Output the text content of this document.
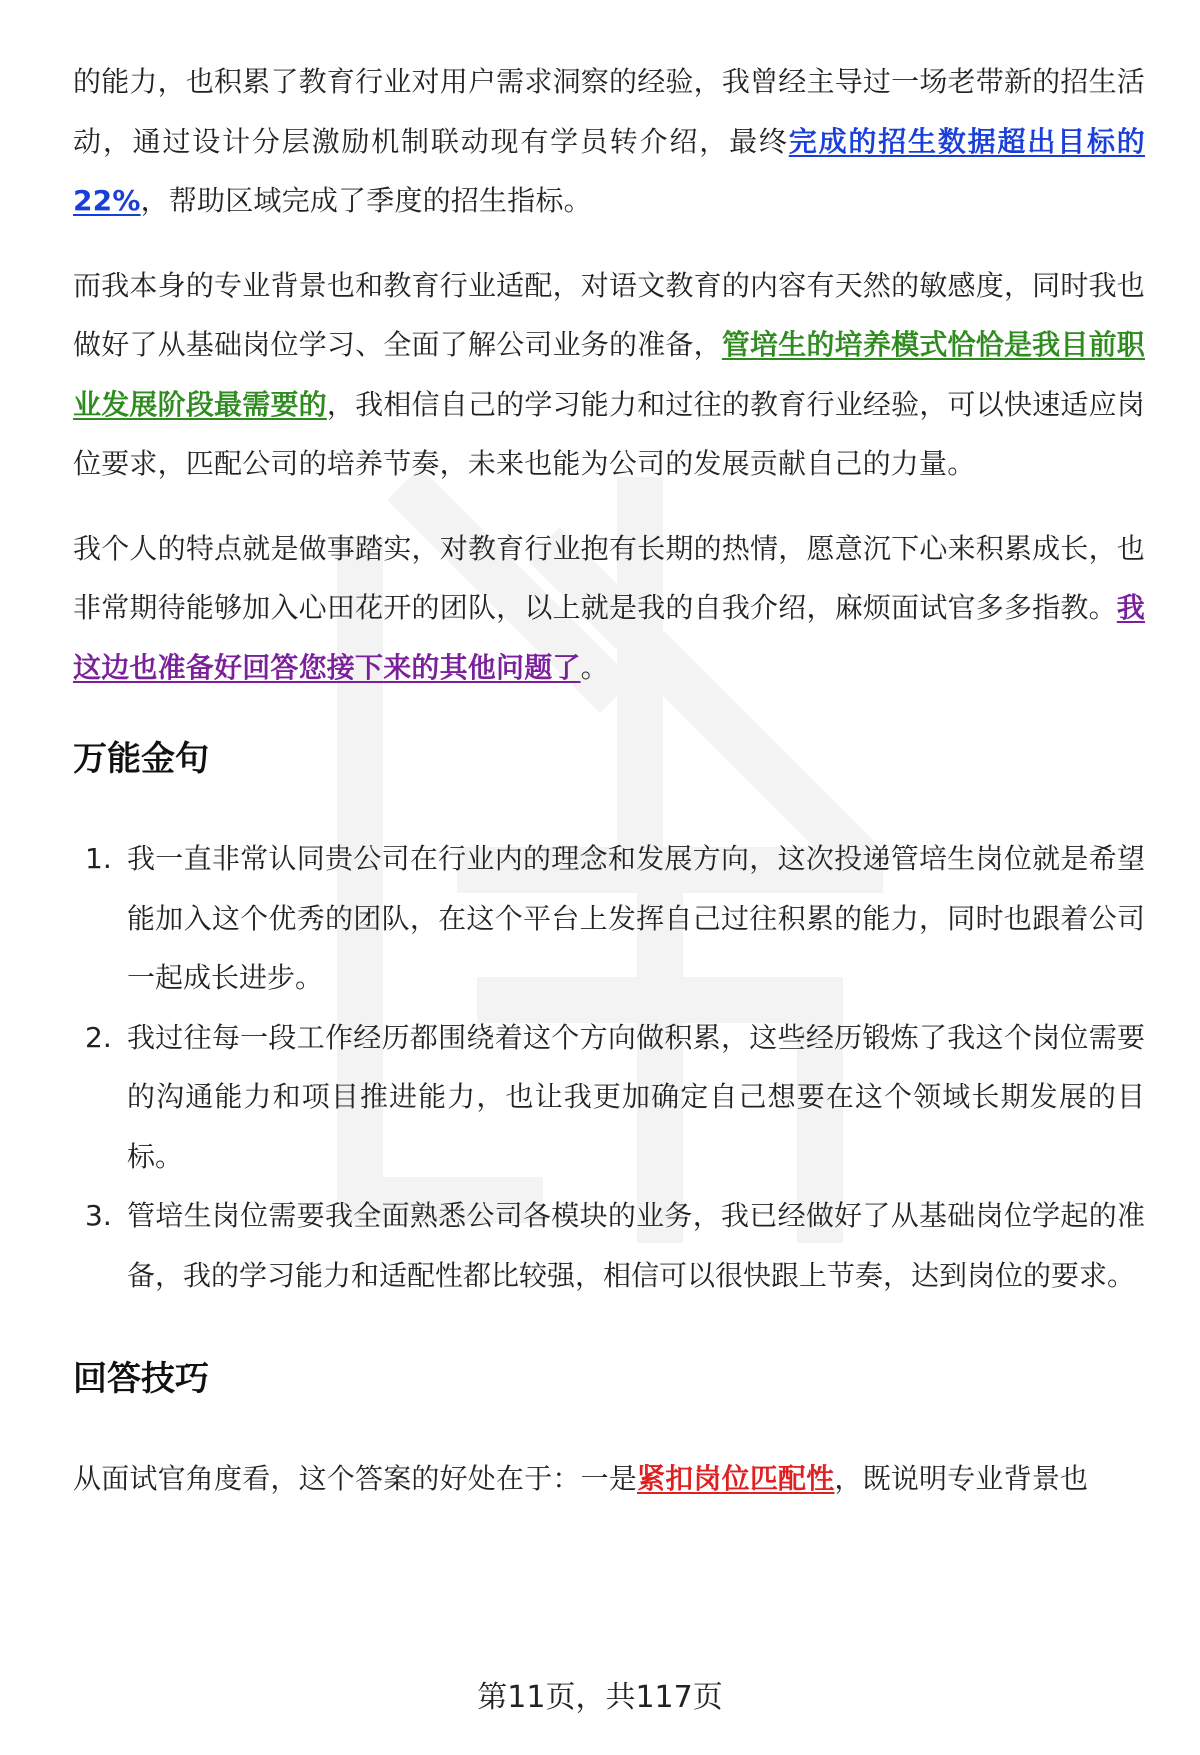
的能力，也积累了教育行业对用户需求洞察的经验，我曾经主导过一场老带新的招生活动，通过设计分层激励机制联动现有学员转介绍，最终完成的招生数据超出目标的22%，帮助区域完成了季度的招生指标。

而我本身的专业背景也和教育行业适配，对语文教育的内容有天然的敏感度，同时我也做好了从基础岗位学习、全面了解公司业务的准备，管培生的培养模式恰恰是我目前职业发展阶段最需要的，我相信自己的学习能力和过往的教育行业经验，可以快速适应岗位要求，匹配公司的培养节奏，未来也能为公司的发展贡献自己的力量。

我个人的特点就是做事踏实，对教育行业抱有长期的热情，愿意沉下心来积累成长，也非常期待能够加入心田花开的团队，以上就是我的自我介绍，麻烦面试官多多指教。我这边也准备好回答您接下来的其他问题了。

万能金句
1. 我一直非常认同贵公司在行业内的理念和发展方向，这次投递管培生岗位就是希望能加入这个优秀的团队，在这个平台上发挥自己过往积累的能力，同时也跟着公司一起成长进步。
2. 我过往每一段工作经历都围绕着这个方向做积累，这些经历锻炼了我这个岗位需要的沟通能力和项目推进能力，也让我更加确定自己想要在这个领域长期发展的目标。
3. 管培生岗位需要我全面熟悉公司各模块的业务，我已经做好了从基础岗位学起的准备，我的学习能力和适配性都比较强，相信可以很快跟上节奏，达到岗位的要求。
回答技巧

从面试官角度看，这个答案的好处在于：一是紧扣岗位匹配性，既说明专业背景也

第11页，共117页
